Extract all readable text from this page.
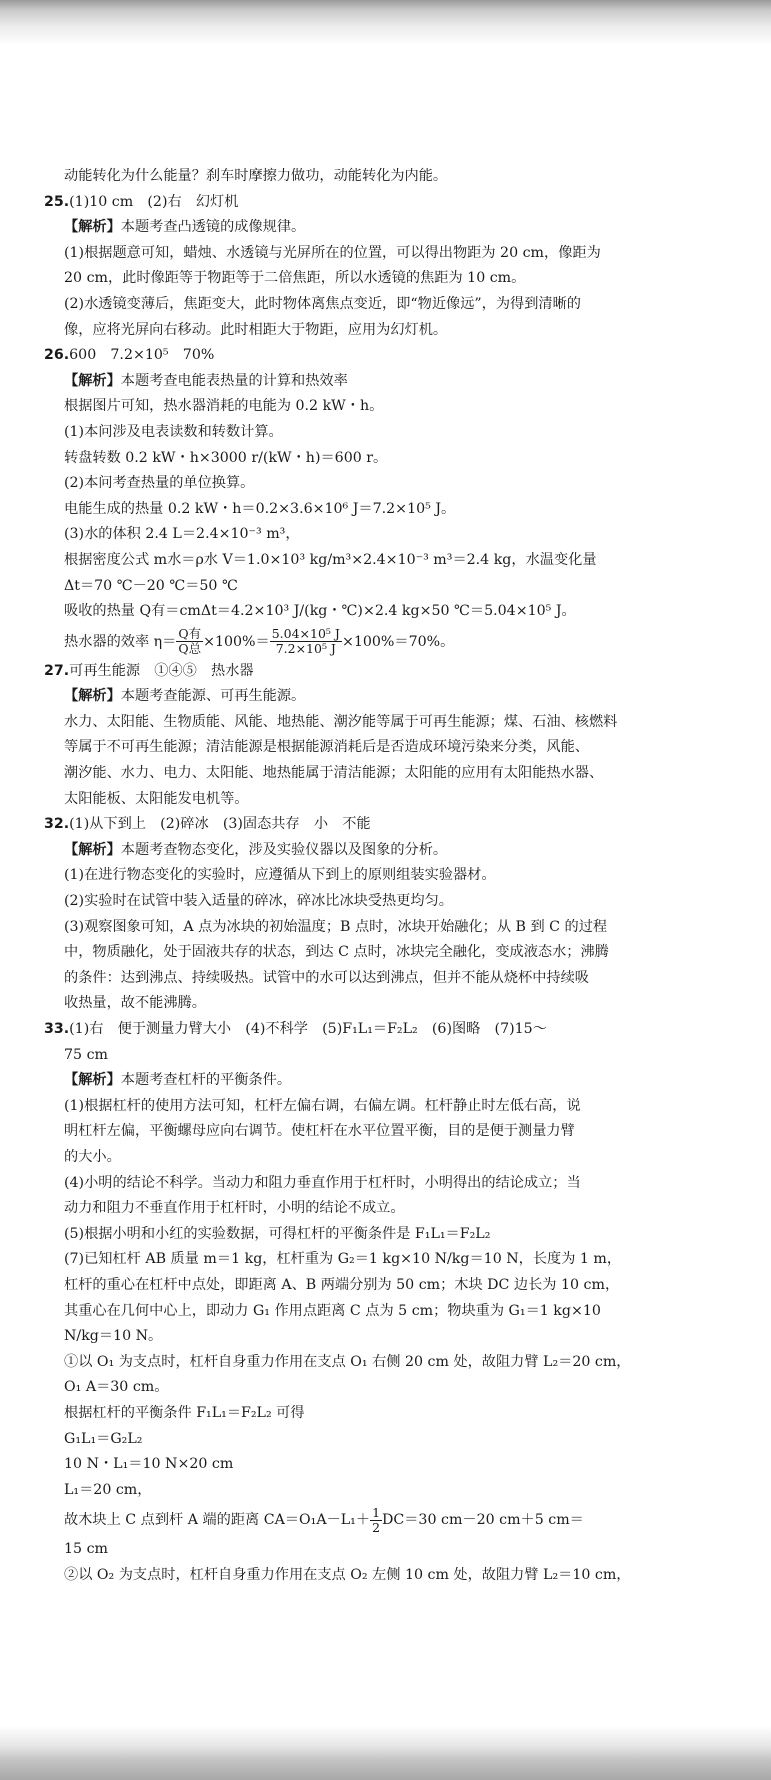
动能转化为什么能量？刹车时摩擦力做功，动能转化为内能。
25.(1)10 cm　(2)右　幻灯机
【解析】本题考查凸透镜的成像规律。
(1)根据题意可知，蜡烛、水透镜与光屏所在的位置，可以得出物距为 20 cm，像距为
20 cm，此时像距等于物距等于二倍焦距，所以水透镜的焦距为 10 cm。
(2)水透镜变薄后，焦距变大，此时物体离焦点变近，即“物近像远”，为得到清晰的
像，应将光屏向右移动。此时相距大于物距，应用为幻灯机。
26.600　7.2×10⁵　70%
【解析】本题考查电能表热量的计算和热效率
根据图片可知，热水器消耗的电能为 0.2 kW・h。
(1)本问涉及电表读数和转数计算。
转盘转数 0.2 kW・h×3000 r/(kW・h)＝600 r。
(2)本问考查热量的单位换算。
电能生成的热量 0.2 kW・h＝0.2×3.6×10⁶ J＝7.2×10⁵ J。
(3)水的体积 2.4 L＝2.4×10⁻³ m³，
根据密度公式 m水＝ρ水 V＝1.0×10³ kg/m³×2.4×10⁻³ m³＝2.4 kg，水温变化量
Δt＝70 ℃－20 ℃＝50 ℃
吸收的热量 Q有＝cmΔt＝4.2×10³ J/(kg・℃)×2.4 kg×50 ℃＝5.04×10⁵ J。
热水器的效率 $\eta= \frac{\text{Q有}}{\text{Q总}} \times 100\%= \frac{\text{5.04×10⁵ J}}{\text{7.2×10⁵ J}} \times 100\%=70\%$。
27.可再生能源　①④⑤　热水器
【解析】本题考查能源、可再生能源。
水力、太阳能、生物质能、风能、地热能、潮汐能等属于可再生能源；煤、石油、核燃料
等属于不可再生能源；清洁能源是根据能源消耗后是否造成环境污染来分类，风能、
潮汐能、水力、电力、太阳能、地热能属于清洁能源；太阳能的应用有太阳能热水器、
太阳能板、太阳能发电机等。
32.(1)从下到上　(2)碎冰　(3)固态共存　小　不能
【解析】本题考查物态变化，涉及实验仪器以及图象的分析。
(1)在进行物态变化的实验时，应遵循从下到上的原则组装实验器材。
(2)实验时在试管中装入适量的碎冰，碎冰比冰块受热更均匀。
(3)观察图象可知，A 点为冰块的初始温度；B 点时，冰块开始融化；从 B 到 C 的过程
中，物质融化，处于固液共存的状态，到达 C 点时，冰块完全融化，变成液态水；沸腾
的条件：达到沸点、持续吸热。试管中的水可以达到沸点，但并不能从烧杯中持续吸
收热量，故不能沸腾。
33.(1)右　便于测量力臂大小　(4)不科学　(5)F₁L₁＝F₂L₂　(6)图略　(7)15～
75 cm
【解析】本题考查杠杆的平衡条件。
(1)根据杠杆的使用方法可知，杠杆左偏右调，右偏左调。杠杆静止时左低右高，说
明杠杆左偏，平衡螺母应向右调节。使杠杆在水平位置平衡，目的是便于测量力臂
的大小。
(4)小明的结论不科学。当动力和阻力垂直作用于杠杆时，小明得出的结论成立；当
动力和阻力不垂直作用于杠杆时，小明的结论不成立。
(5)根据小明和小红的实验数据，可得杠杆的平衡条件是 F₁L₁＝F₂L₂
(7)已知杠杆 AB 质量 m＝1 kg，杠杆重为 G₂＝1 kg×10 N/kg＝10 N，长度为 1 m，
杠杆的重心在杠杆中点处，即距离 A、B 两端分别为 50 cm；木块 DC 边长为 10 cm，
其重心在几何中心上，即动力 G₁ 作用点距离 C 点为 5 cm；物块重为 G₁＝1 kg×10
N/kg＝10 N。
①以 O₁ 为支点时，杠杆自身重力作用在支点 O₁ 右侧 20 cm 处，故阻力臂 L₂＝20 cm，
O₁ A＝30 cm。
根据杠杆的平衡条件 F₁L₁＝F₂L₂ 可得
G₁L₁＝G₂L₂
10 N・L₁＝10 N×20 cm
L₁＝20 cm，
故木块上 C 点到杆 A 端的距离 $CA=O_1A-L_1+ \frac{1}{2} DC=30$ cm－20 cm＋5 cm＝
15 cm
②以 O₂ 为支点时，杠杆自身重力作用在支点 O₂ 左侧 10 cm 处，故阻力臂 L₂＝10 cm，
